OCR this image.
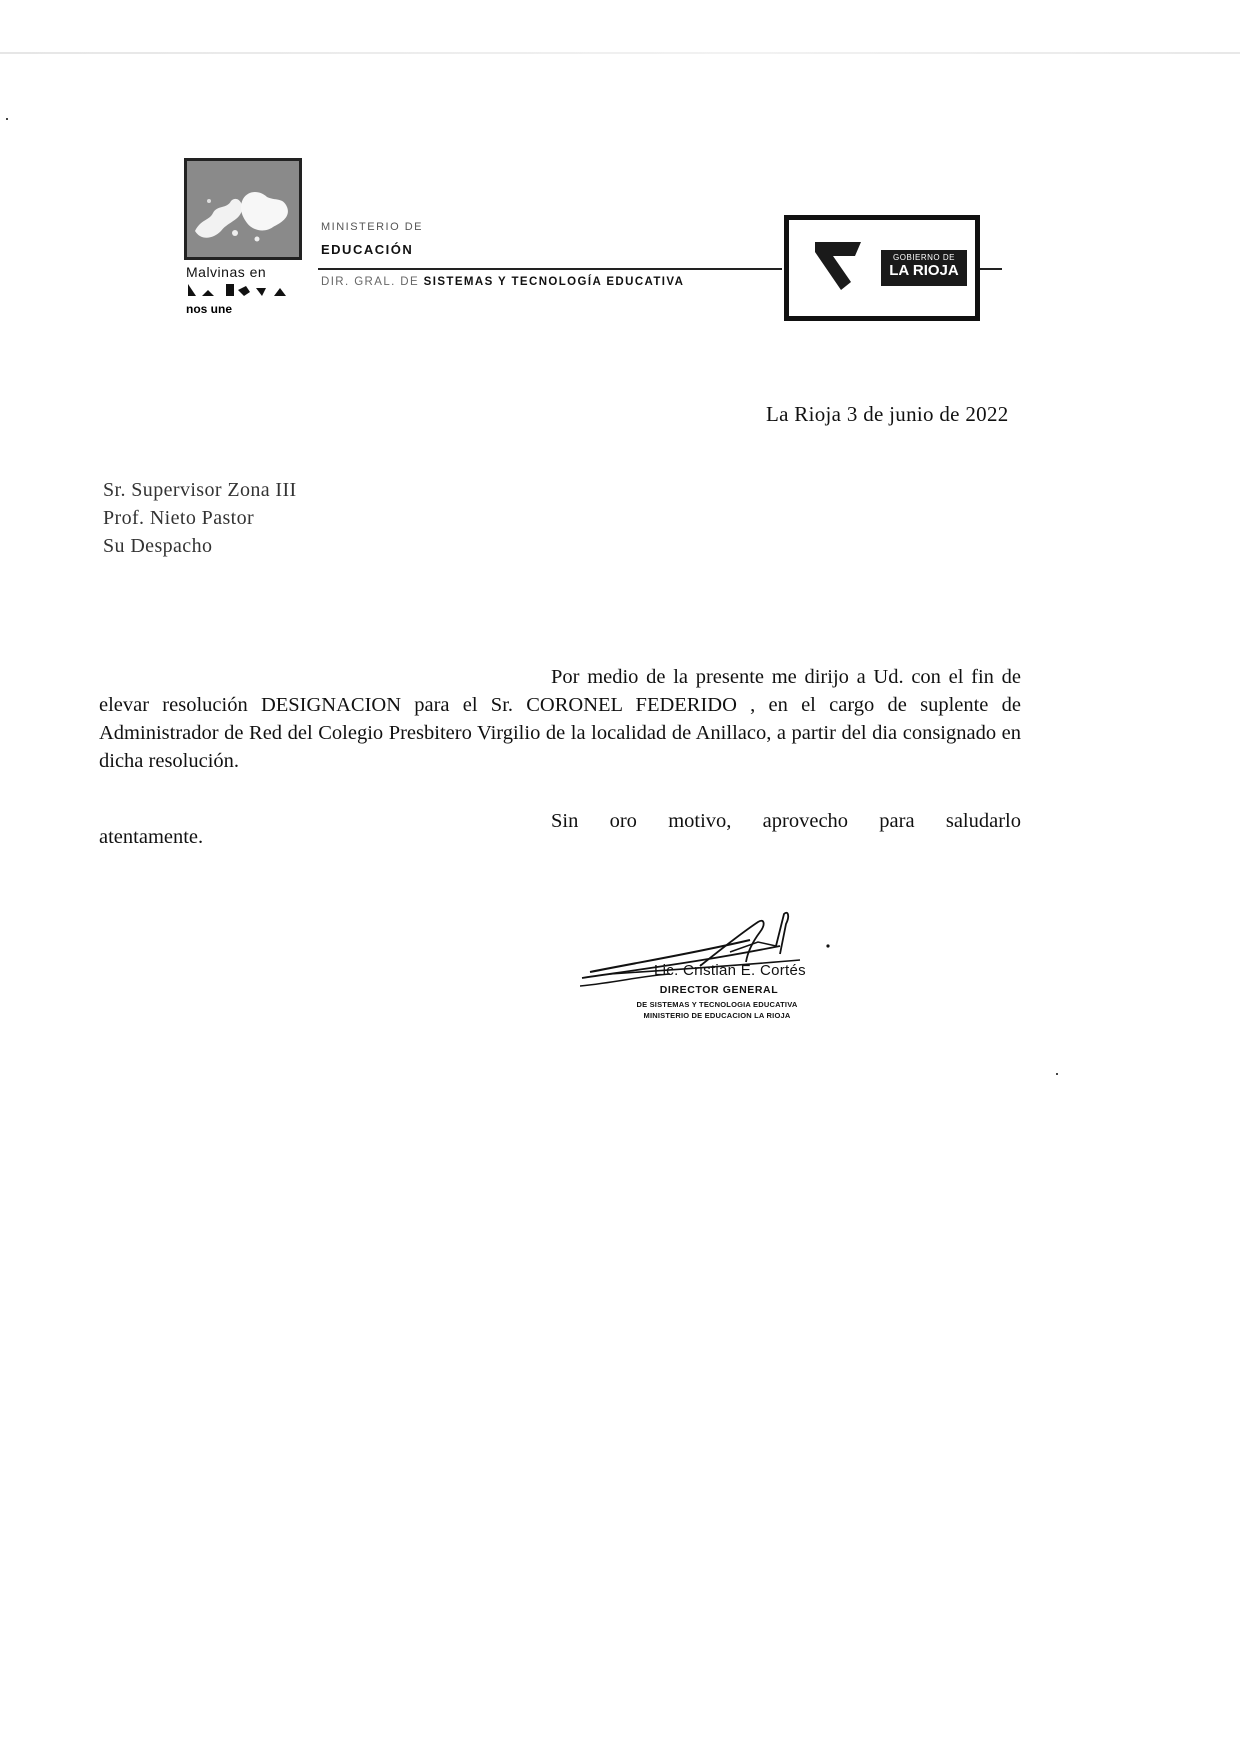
Malvinas en
nos une
MINISTERIO DE
EDUCACIÓN
DIR. GRAL. DE SISTEMAS Y TECNOLOGÍA EDUCATIVA
GOBIERNO DE
LA RIOJA
La Rioja 3 de junio de 2022
Sr. Supervisor Zona III
Prof. Nieto Pastor
Su Despacho
Por medio de la presente me dirijo a Ud. con el fin de elevar resolución DESIGNACION para el Sr. CORONEL FEDERIDO , en el cargo de suplente de Administrador de Red del Colegio Presbitero Virgilio de la localidad de Anillaco, a partir del dia consignado en dicha resolución.
Sin oro motivo, aprovecho para saludarlo
atentamente.
Lic. Cristian E. Cortés
DIRECTOR GENERAL
DE SISTEMAS Y TECNOLOGIA EDUCATIVA
MINISTERIO DE EDUCACION LA RIOJA
